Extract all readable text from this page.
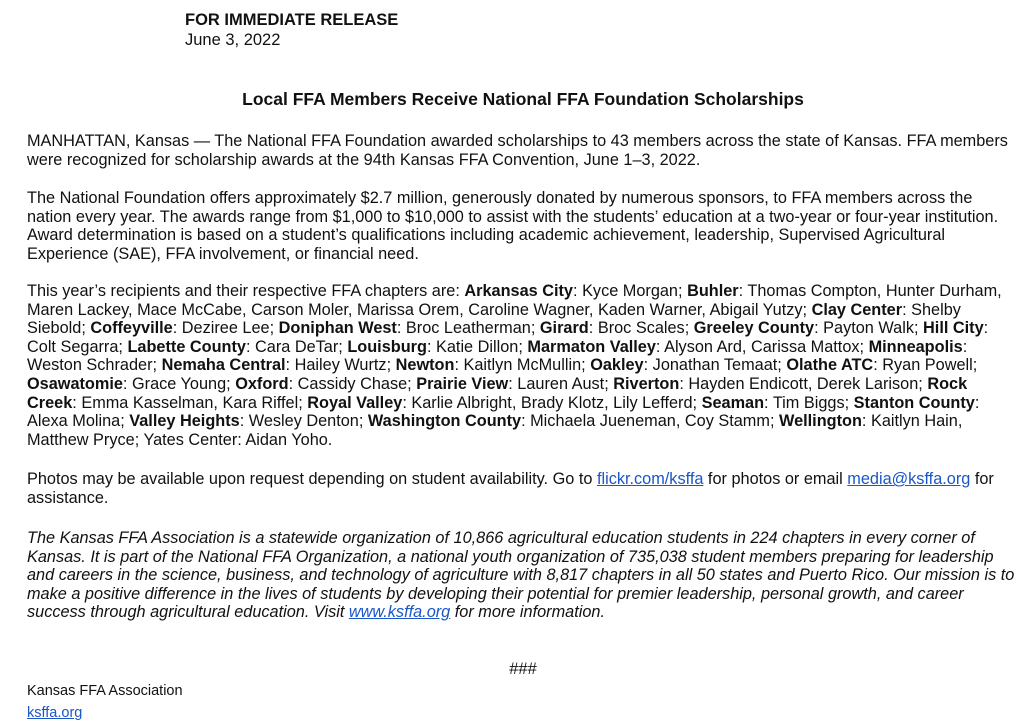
FOR IMMEDIATE RELEASE
June 3, 2022
Local FFA Members Receive National FFA Foundation Scholarships

MANHATTAN, Kansas — The National FFA Foundation awarded scholarships to 43 members across the state of Kansas. FFA members were recognized for scholarship awards at the 94th Kansas FFA Convention, June 1–3, 2022.

The National Foundation offers approximately $2.7 million, generously donated by numerous sponsors, to FFA members across the nation every year. The awards range from $1,000 to $10,000 to assist with the students’ education at a two-year or four-year institution. Award determination is based on a student’s qualifications including academic achievement, leadership, Supervised Agricultural Experience (SAE), FFA involvement, or financial need.

This year’s recipients and their respective FFA chapters are: Arkansas City: Kyce Morgan; Buhler: Thomas Compton, Hunter Durham, Maren Lackey, Mace McCabe, Carson Moler, Marissa Orem, Caroline Wagner, Kaden Warner, Abigail Yutzy; Clay Center: Shelby Siebold; Coffeyville: Deziree Lee; Doniphan West: Broc Leatherman; Girard: Broc Scales; Greeley County: Payton Walk; Hill City: Colt Segarra; Labette County: Cara DeTar; Louisburg: Katie Dillon; Marmaton Valley: Alyson Ard, Carissa Mattox; Minneapolis: Weston Schrader; Nemaha Central: Hailey Wurtz; Newton: Kaitlyn McMullin; Oakley: Jonathan Temaat; Olathe ATC: Ryan Powell; Osawatomie: Grace Young; Oxford: Cassidy Chase; Prairie View: Lauren Aust; Riverton: Hayden Endicott, Derek Larison; Rock Creek: Emma Kasselman, Kara Riffel; Royal Valley: Karlie Albright, Brady Klotz, Lily Lefferd; Seaman: Tim Biggs; Stanton County: Alexa Molina; Valley Heights: Wesley Denton; Washington County: Michaela Jueneman, Coy Stamm; Wellington: Kaitlyn Hain, Matthew Pryce; Yates Center: Aidan Yoho.

Photos may be available upon request depending on student availability. Go to flickr.com/ksffa for photos or email media@ksffa.org for assistance.

The Kansas FFA Association is a statewide organization of 10,866 agricultural education students in 224 chapters in every corner of Kansas. It is part of the National FFA Organization, a national youth organization of 735,038 student members preparing for leadership and careers in the science, business, and technology of agriculture with 8,817 chapters in all 50 states and Puerto Rico. Our mission is to make a positive difference in the lives of students by developing their potential for premier leadership, personal growth, and career success through agricultural education. Visit www.ksffa.org for more information.

###
Kansas FFA Association
ksffa.org
